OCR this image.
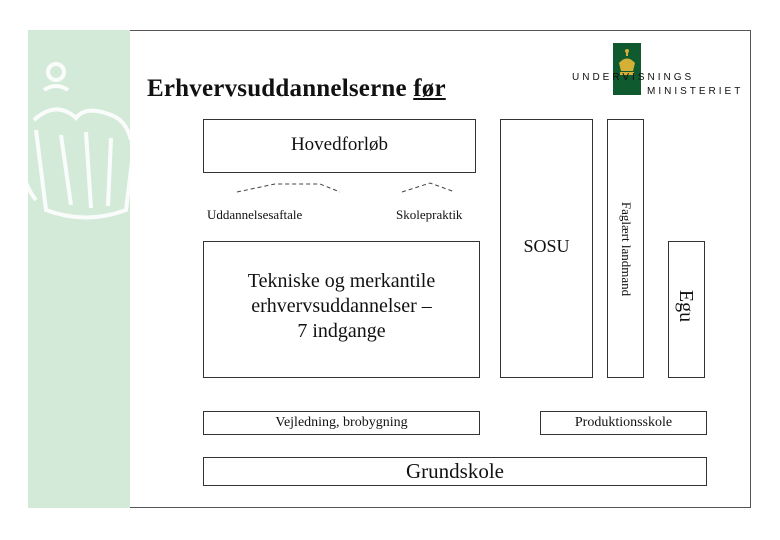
Erhvervsuddannelserne før	UNDERVISNINGS
MINISTERIET
Hovedforløb
Uddannelsesaftale	Skolepraktik
Tekniske og merkantile
erhvervsuddannelser –
7 indgange
SOSU	Faglært landmand
Egu
Vejledning, brobygning	Produktionsskole
Grundskole
